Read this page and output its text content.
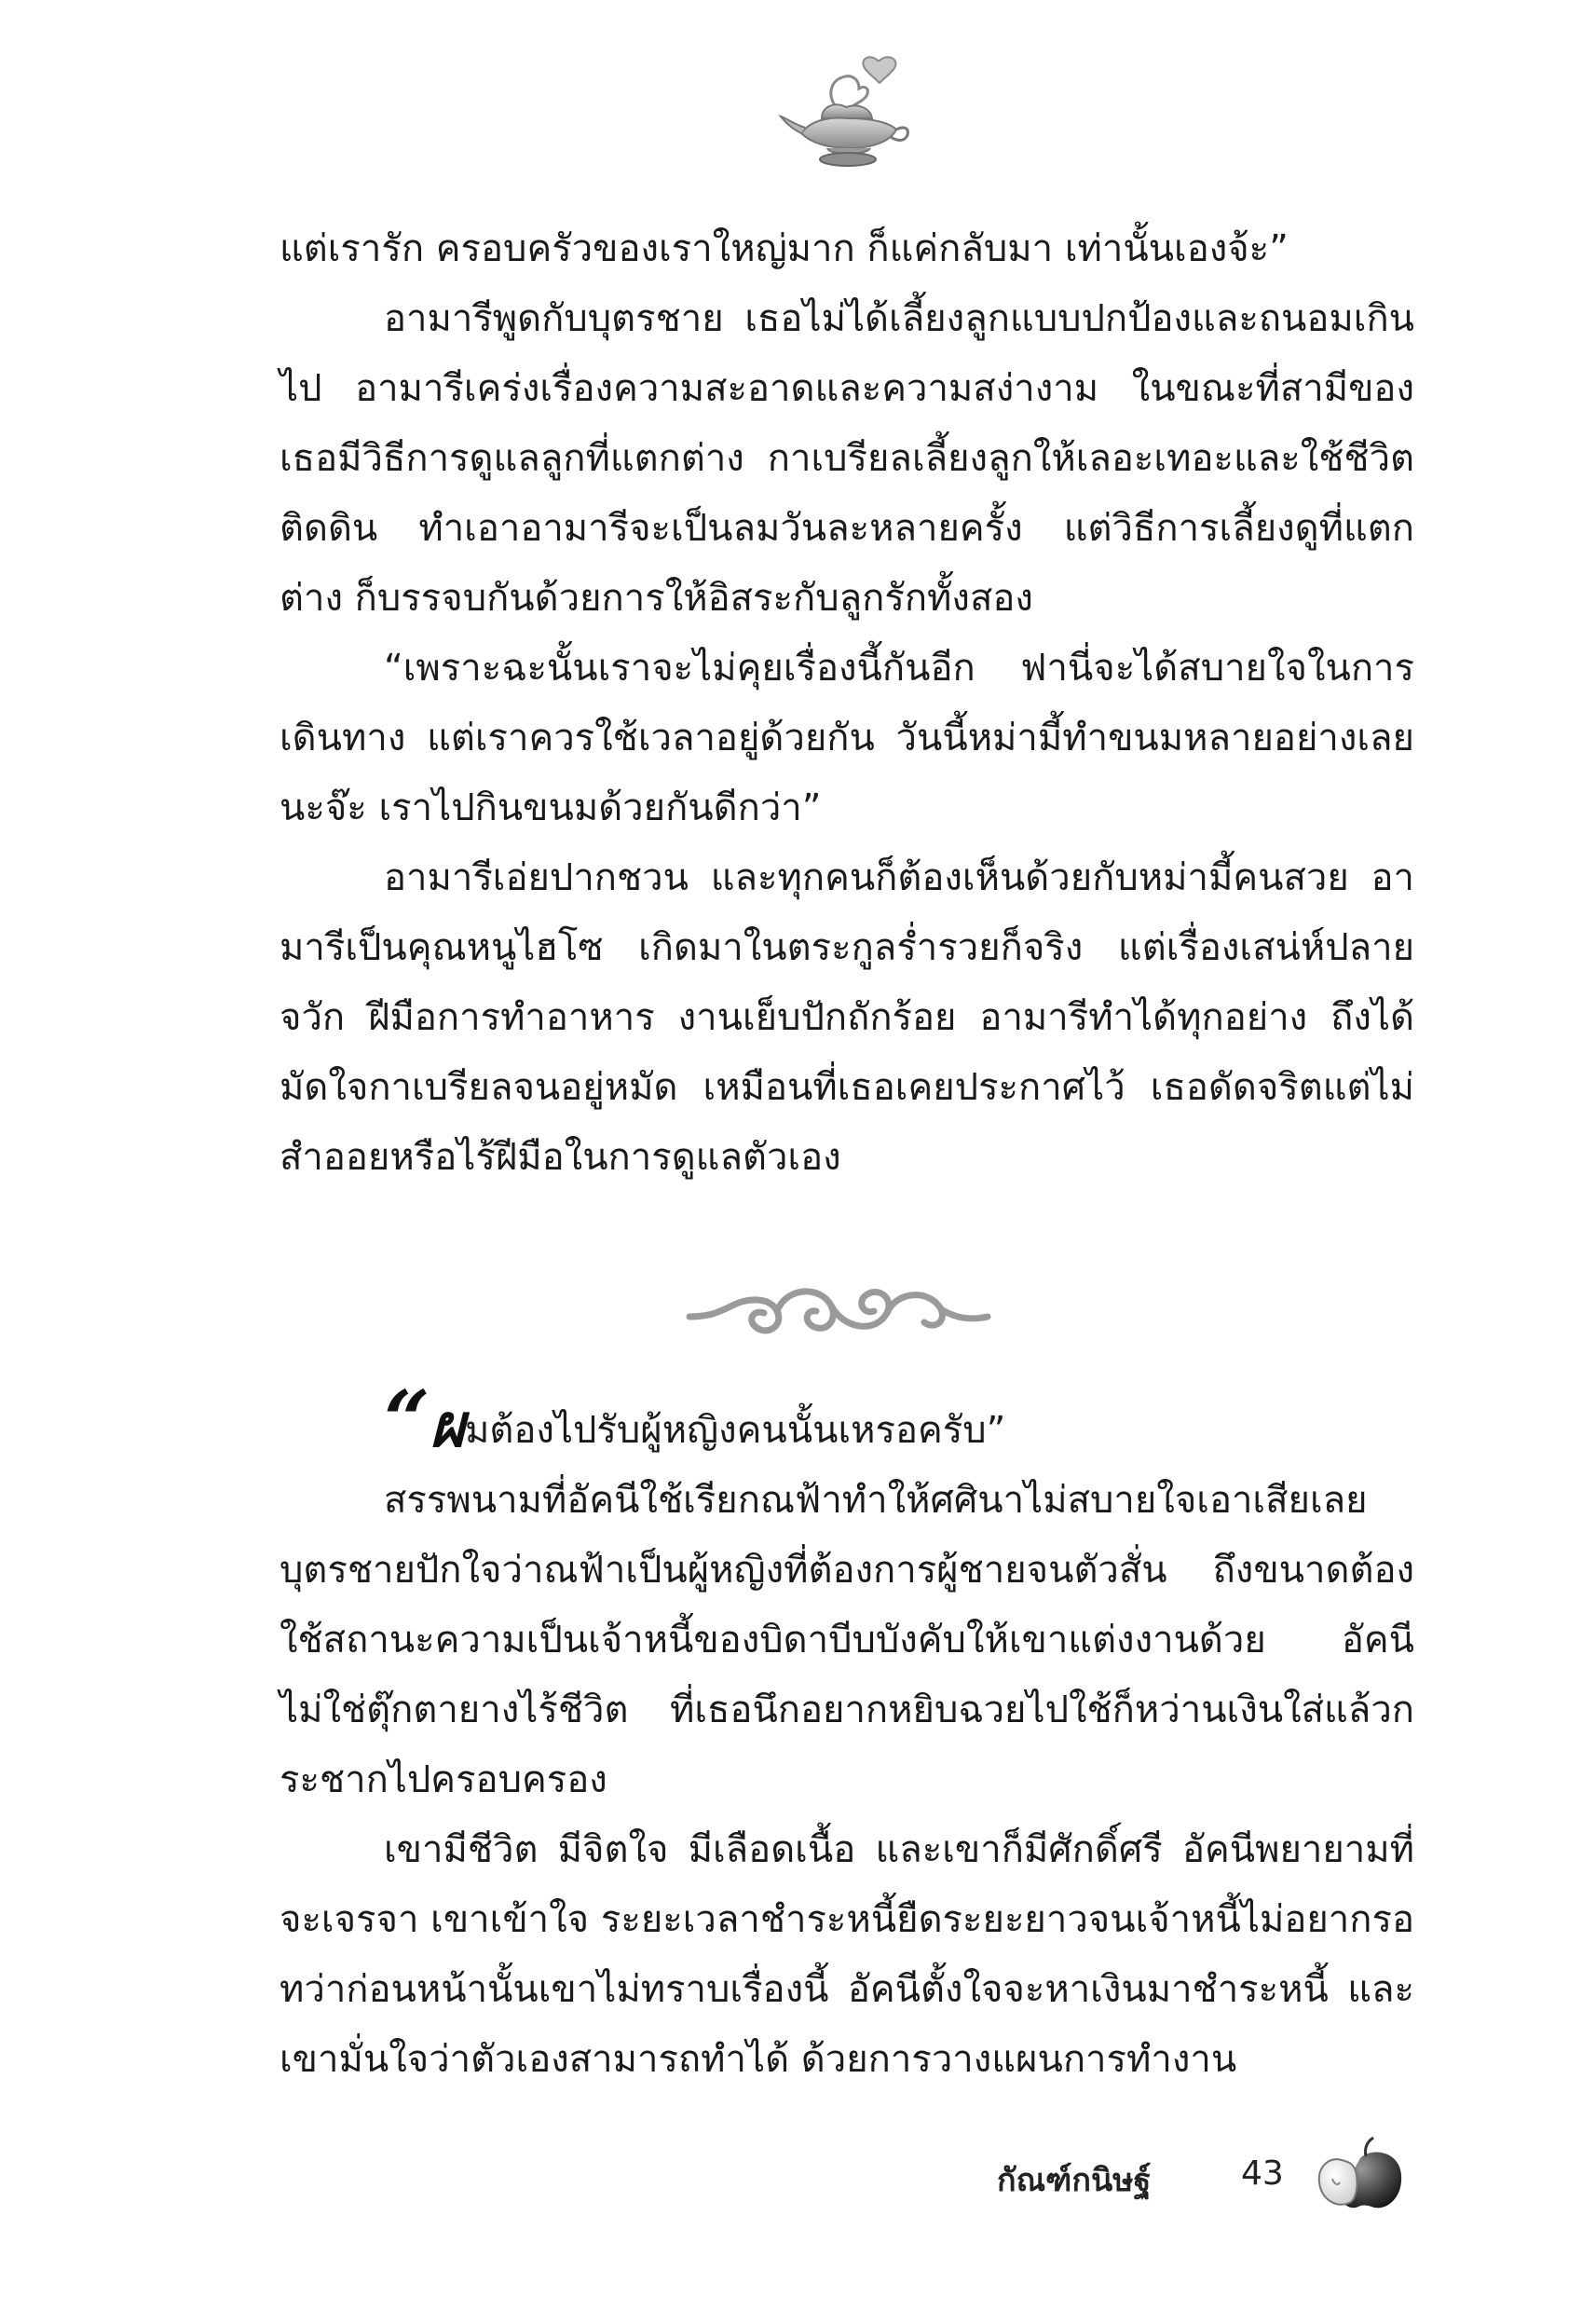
แต่เรารัก ครอบครัวของเราใหญ่มาก ก็แค่กลับมา เท่านั้นเองจ้ะ”

อามารีพูดกับบุตรชาย เธอไม่ได้เลี้ยงลูกแบบปกป้องและถนอมเกินไป อามารีเคร่งเรื่องความสะอาดและความสง่างาม ในขณะที่สามีของเธอมีวิธีการดูแลลูกที่แตกต่าง กาเบรียลเลี้ยงลูกให้เลอะเทอะและใช้ชีวิตติดดิน ทำเอาอามารีจะเป็นลมวันละหลายครั้ง แต่วิธีการเลี้ยงดูที่แตกต่าง ก็บรรจบกันด้วยการให้อิสระกับลูกรักทั้งสอง

“เพราะฉะนั้นเราจะไม่คุยเรื่องนี้กันอีก ฟานี่จะได้สบายใจในการเดินทาง แต่เราควรใช้เวลาอยู่ด้วยกัน วันนี้หม่ามี้ทำขนมหลายอย่างเลยนะจ๊ะ เราไปกินขนมด้วยกันดีกว่า”

อามารีเอ่ยปากชวน และทุกคนก็ต้องเห็นด้วยกับหม่ามี้คนสวย อามารีเป็นคุณหนูไฮโซ เกิดมาในตระกูลร่ำรวยก็จริง แต่เรื่องเสน่ห์ปลายจวัก ฝีมือการทำอาหาร งานเย็บปักถักร้อย อามารีทำได้ทุกอย่าง ถึงได้มัดใจกาเบรียลจนอยู่หมัด เหมือนที่เธอเคยประกาศไว้ เธอดัดจริตแต่ไม่สำออยหรือไร้ฝีมือในการดูแลตัวเอง

“ผมต้องไปรับผู้หญิงคนนั้นเหรอครับ”

สรรพนามที่อัคนีใช้เรียกณฟ้าทำให้ศศินาไม่สบายใจเอาเสียเลย บุตรชายปักใจว่าณฟ้าเป็นผู้หญิงที่ต้องการผู้ชายจนตัวสั่น ถึงขนาดต้องใช้สถานะความเป็นเจ้าหนี้ของบิดาบีบบังคับให้เขาแต่งงานด้วย อัคนีไม่ใช่ตุ๊กตายางไร้ชีวิต ที่เธอนึกอยากหยิบฉวยไปใช้ก็หว่านเงินใส่แล้วกระชากไปครอบครอง

เขามีชีวิต มีจิตใจ มีเลือดเนื้อ และเขาก็มีศักดิ์ศรี อัคนีพยายามที่จะเจรจา เขาเข้าใจ ระยะเวลาชำระหนี้ยืดระยะยาวจนเจ้าหนี้ไม่อยากรอ ทว่าก่อนหน้านั้นเขาไม่ทราบเรื่องนี้ อัคนีตั้งใจจะหาเงินมาชำระหนี้ และเขามั่นใจว่าตัวเองสามารถทำได้ ด้วยการวางแผนการทำงาน

กัณฑ์กนิษฐ์	43
